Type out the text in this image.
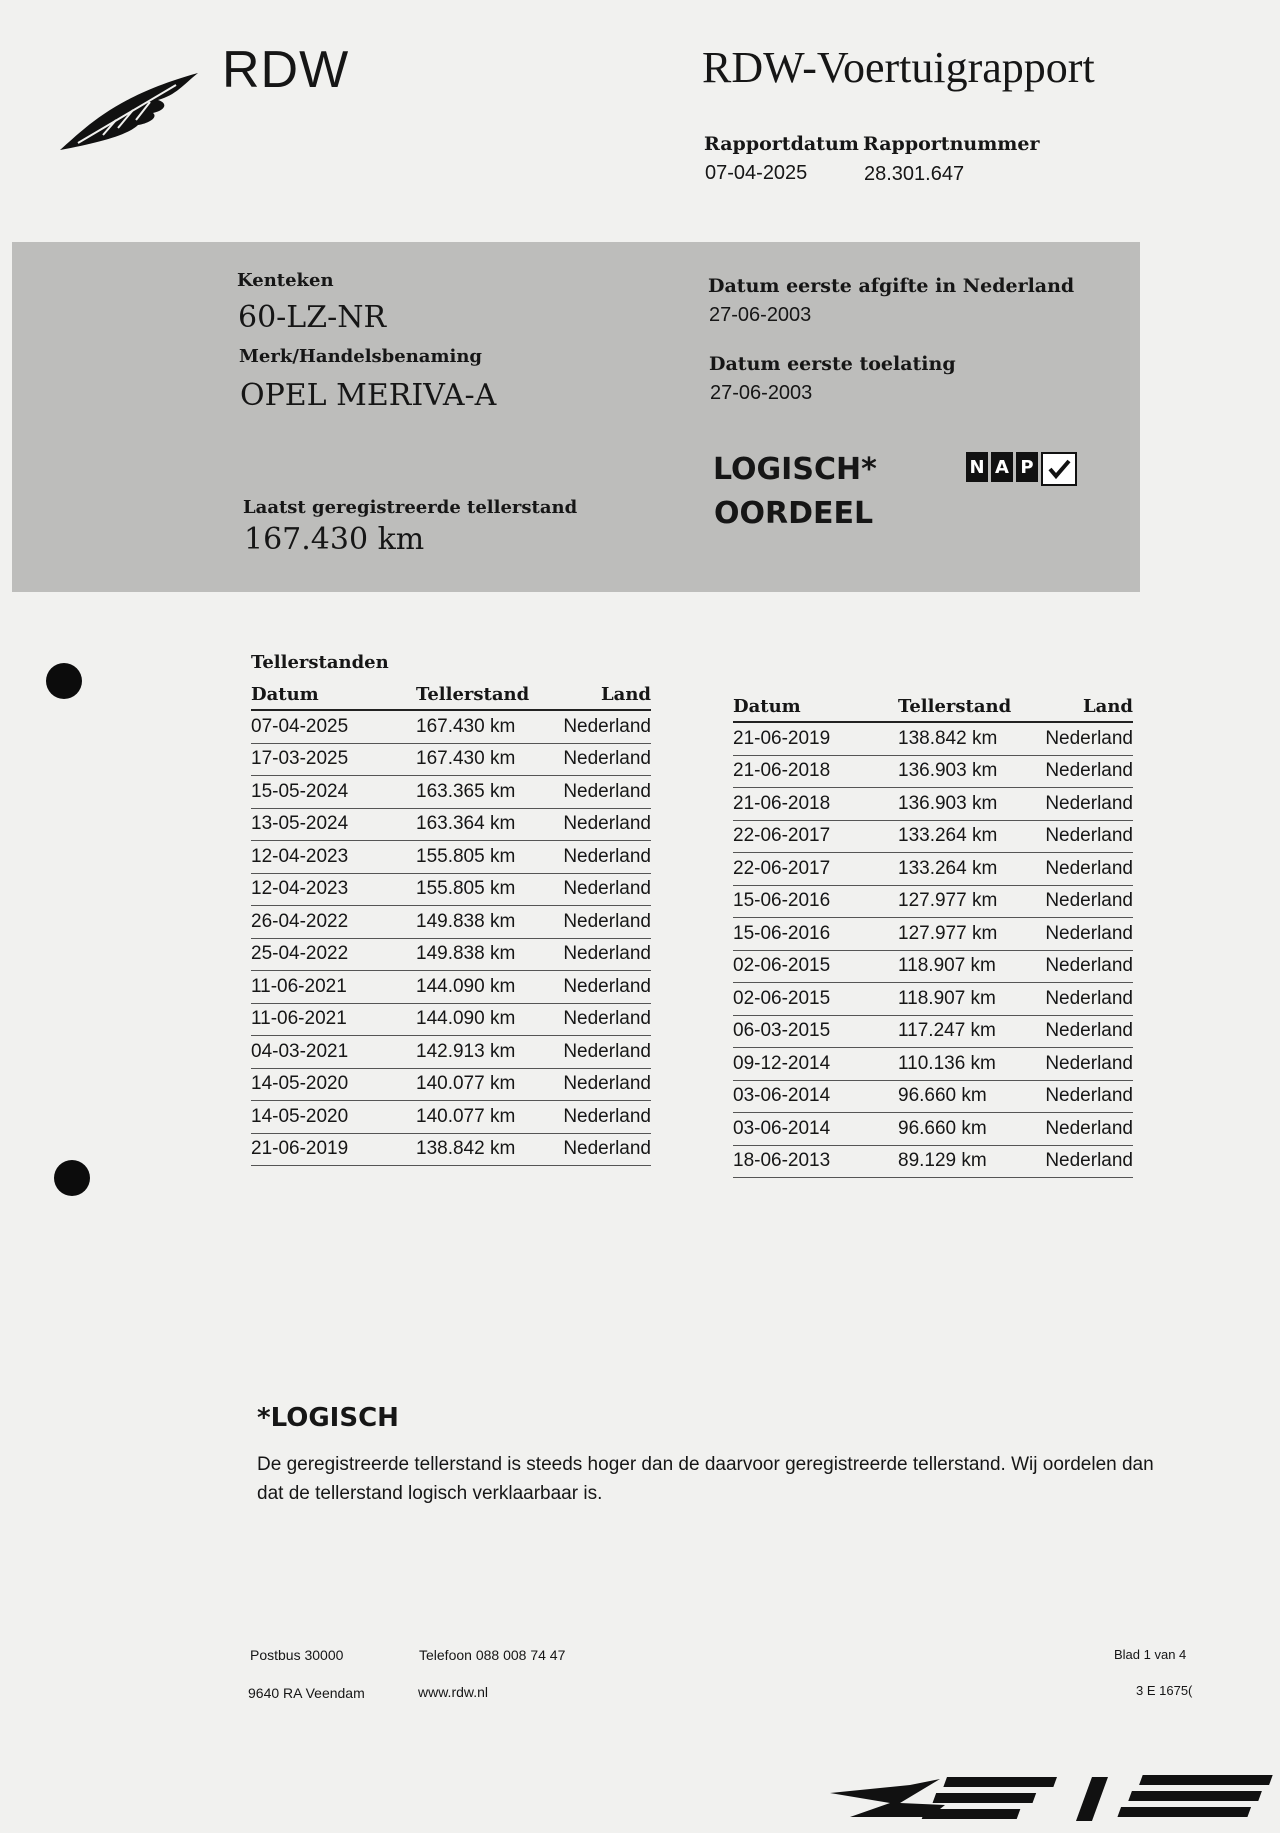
RDW	RDW-Voertuigrapport
Rapportdatum
07-04-2025
Rapportnummer
28.301.647
Kenteken
60-LZ-NR
Merk/Handelsbenaming
OPEL MERIVA-A
Laatst geregistreerde tellerstand
167.430 km
Datum eerste afgifte in Nederland
27-06-2003
Datum eerste toelating
27-06-2003
LOGISCH*
OORDEEL
N A P
Tellerstanden
Datum	Tellerstand	Land
07-04-2025	167.430 km	Nederland
17-03-2025	167.430 km	Nederland
15-05-2024	163.365 km	Nederland
13-05-2024	163.364 km	Nederland
12-04-2023	155.805 km	Nederland
12-04-2023	155.805 km	Nederland
26-04-2022	149.838 km	Nederland
25-04-2022	149.838 km	Nederland
11-06-2021	144.090 km	Nederland
11-06-2021	144.090 km	Nederland
04-03-2021	142.913 km	Nederland
14-05-2020	140.077 km	Nederland
14-05-2020	140.077 km	Nederland
21-06-2019	138.842 km	Nederland
Datum	Tellerstand	Land
21-06-2019	138.842 km	Nederland
21-06-2018	136.903 km	Nederland
21-06-2018	136.903 km	Nederland
22-06-2017	133.264 km	Nederland
22-06-2017	133.264 km	Nederland
15-06-2016	127.977 km	Nederland
15-06-2016	127.977 km	Nederland
02-06-2015	118.907 km	Nederland
02-06-2015	118.907 km	Nederland
06-03-2015	117.247 km	Nederland
09-12-2014	110.136 km	Nederland
03-06-2014	96.660 km	Nederland
03-06-2014	96.660 km	Nederland
18-06-2013	89.129 km	Nederland
*LOGISCH
De geregistreerde tellerstand is steeds hoger dan de daarvoor geregistreerde tellerstand. Wij oordelen dan dat de tellerstand logisch verklaarbaar is.
Postbus 30000
9640 RA Veendam
Telefoon 088 008 74 47
www.rdw.nl
Blad 1 van 4
3 E 1675(
